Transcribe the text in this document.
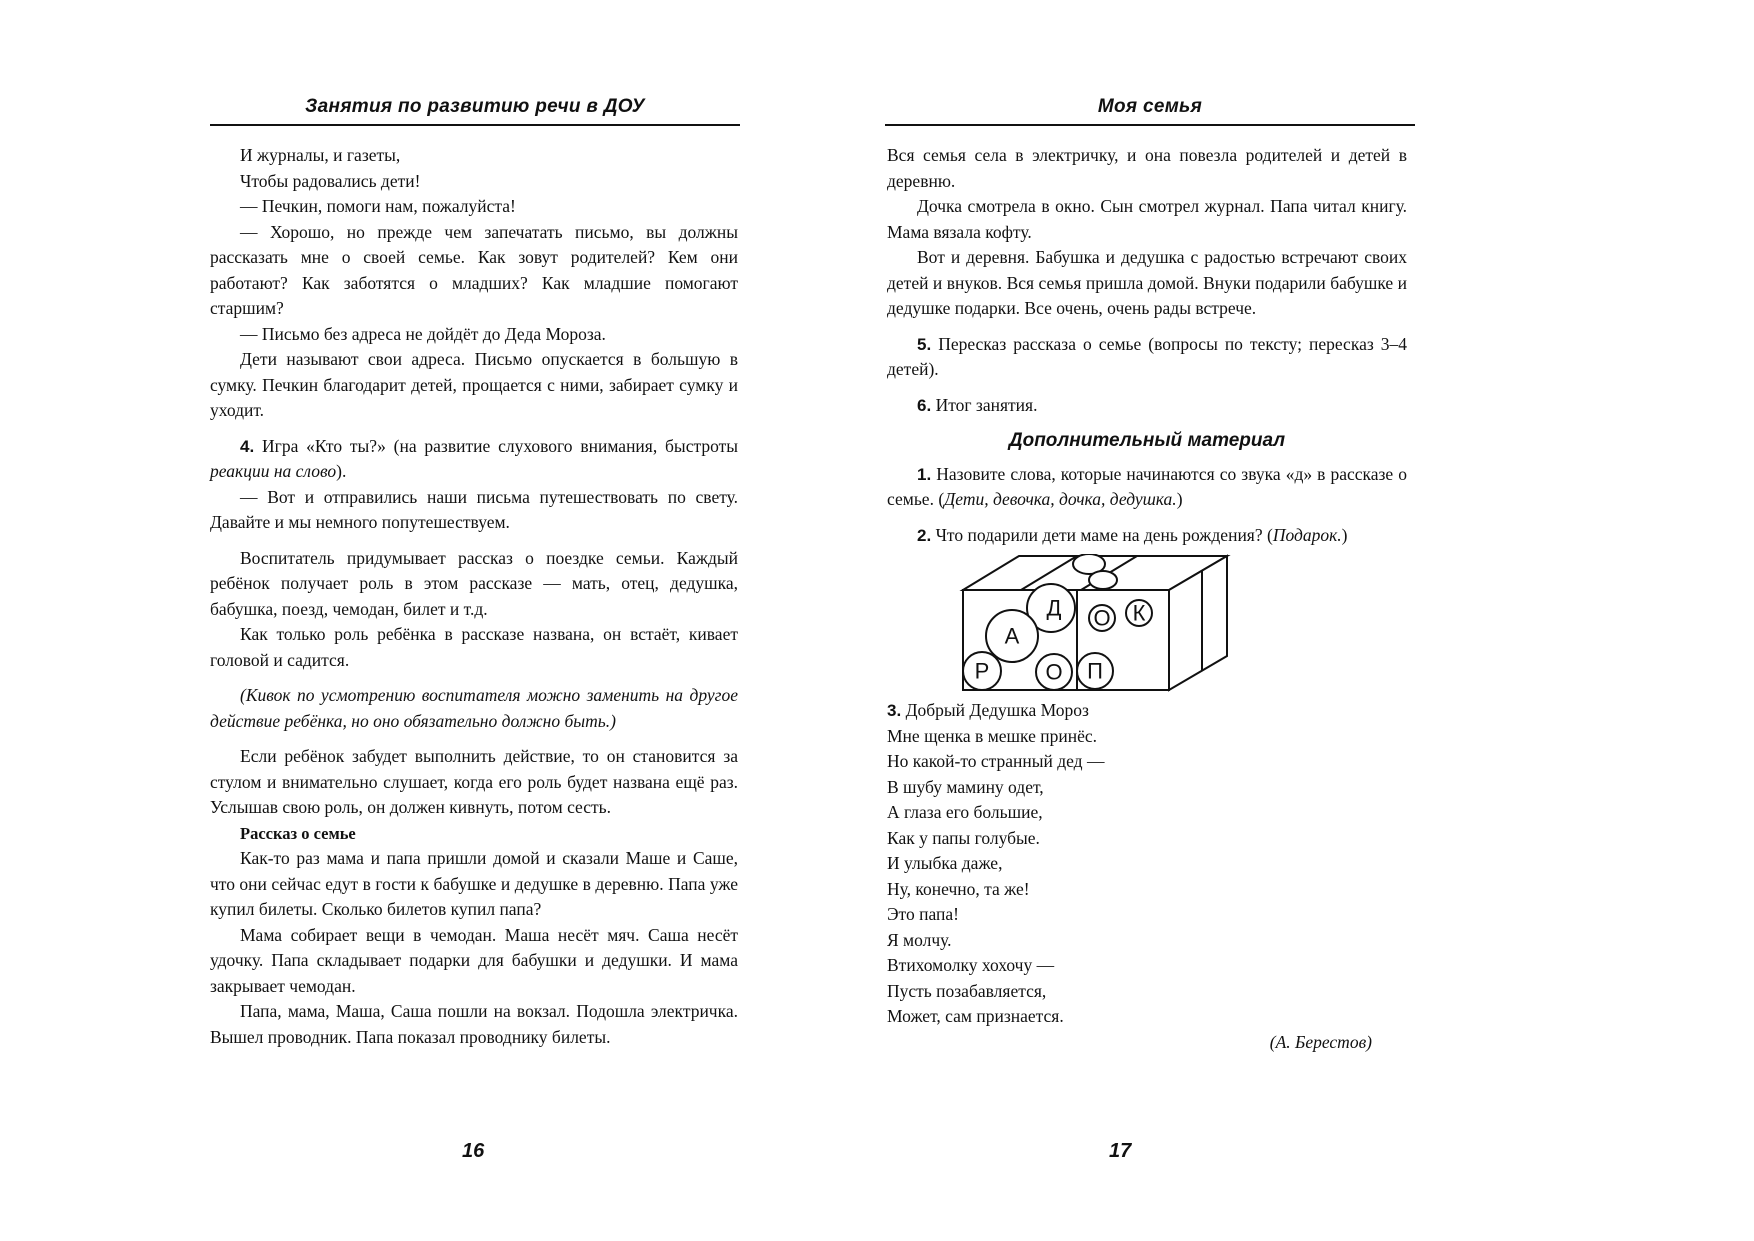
Занятия по развитию речи в ДОУ

И журналы, и газеты,

Чтобы радовались дети!

— Печкин, помоги нам, пожалуйста!

— Хорошо, но прежде чем запечатать письмо, вы должны рассказать мне о своей семье. Как зовут родителей? Кем они работают? Как заботятся о младших? Как младшие помогают старшим?

— Письмо без адреса не дойдёт до Деда Мороза.

Дети называют свои адреса. Письмо опускается в большую в сумку. Печкин благодарит детей, прощается с ними, забирает сумку и уходит.

4. Игра «Кто ты?» (на развитие слухового внимания, быстроты реакции на слово).

— Вот и отправились наши письма путешествовать по свету. Давайте и мы немного попутешествуем.

Воспитатель придумывает рассказ о поездке семьи. Каждый ребёнок получает роль в этом рассказе — мать, отец, дедушка, бабушка, поезд, чемодан, билет и т.д.

Как только роль ребёнка в рассказе названа, он встаёт, кивает головой и садится.

(Кивок по усмотрению воспитателя можно заменить на другое действие ребёнка, но оно обязательно должно быть.)

Если ребёнок забудет выполнить действие, то он становится за стулом и внимательно слушает, когда его роль будет названа ещё раз. Услышав свою роль, он должен кивнуть, потом сесть.

Рассказ о семье

Как-то раз мама и папа пришли домой и сказали Маше и Саше, что они сейчас едут в гости к бабушке и дедушке в деревню. Папа уже купил билеты. Сколько билетов купил папа?

Мама собирает вещи в чемодан. Маша несёт мяч. Саша несёт удочку. Папа складывает подарки для бабушки и дедушки. И мама закрывает чемодан.

Папа, мама, Маша, Саша пошли на вокзал. Подошла электричка. Вышел проводник. Папа показал проводнику билеты.

16
Моя семья

Вся семья села в электричку, и она повезла родителей и детей в деревню.

Дочка смотрела в окно. Сын смотрел журнал. Папа читал книгу. Мама вязала кофту.

Вот и деревня. Бабушка и дедушка с радостью встречают своих детей и внуков. Вся семья пришла домой. Внуки подарили бабушке и дедушке подарки. Все очень, очень рады встрече.

5. Пересказ рассказа о семье (вопросы по тексту; пересказ 3–4 детей).

6. Итог занятия.

Дополнительный материал

1. Назовите слова, которые начинаются со звука «д» в рассказе о семье. (Дети, девочка, дочка, дедушка.)

2. Что подарили дети маме на день рождения? (Подарок.)

Д О К
А
Р	О П

3. Добрый Дедушка Мороз

Мне щенка в мешке принёс.

Но какой-то странный дед —

В шубу мамину одет,

А глаза его большие,

Как у папы голубые.

И улыбка даже,

Ну, конечно, та же!

Это папа!

Я молчу.

Втихомолку хохочу —

Пусть позабавляется,

Может, сам признается.

(А. Берестов)

17
